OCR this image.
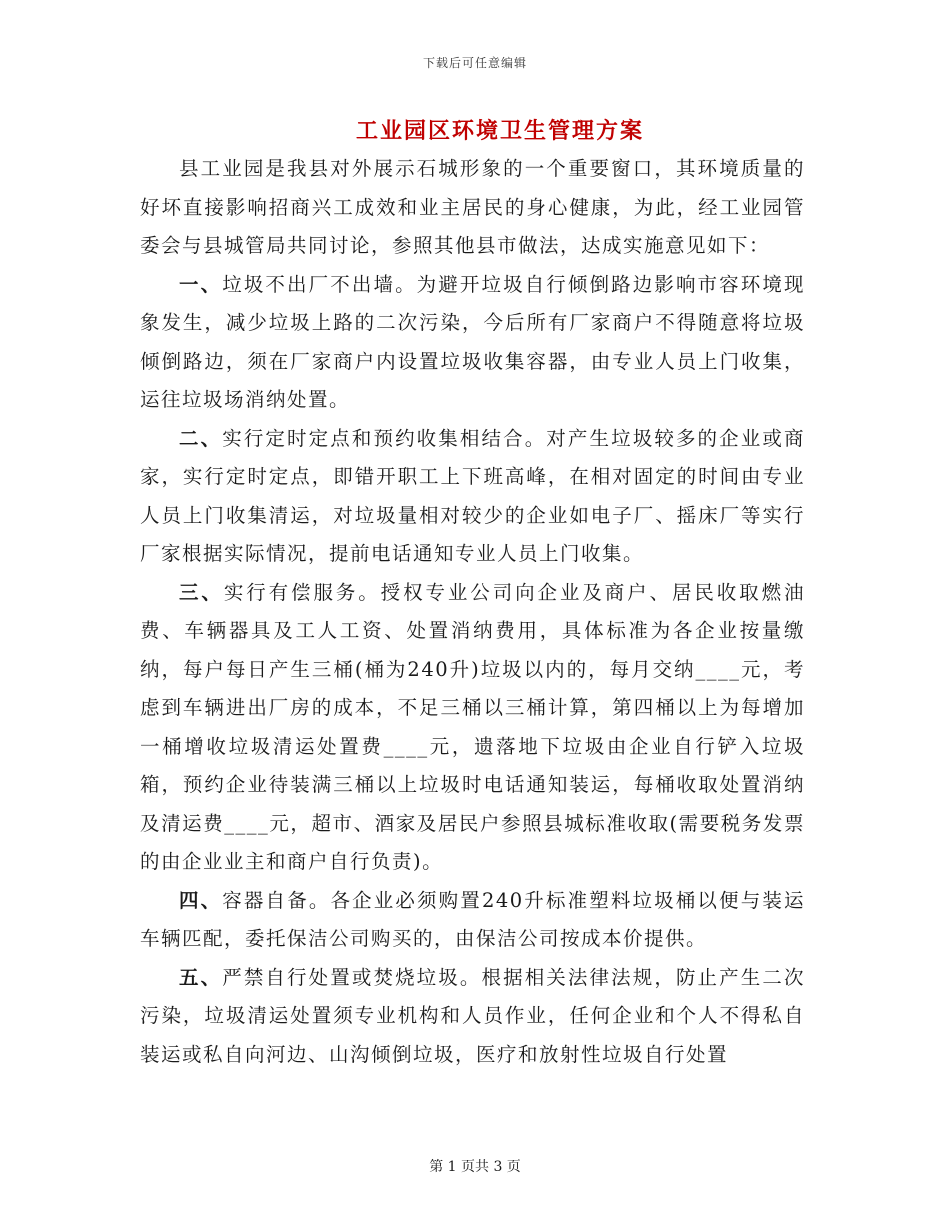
下载后可任意编辑
工业园区环境卫生管理方案

县工业园是我县对外展示石城形象的一个重要窗口，其环境质量的好坏直接影响招商兴工成效和业主居民的身心健康，为此，经工业园管委会与县城管局共同讨论，参照其他县市做法，达成实施意见如下：

一、垃圾不出厂不出墙。为避开垃圾自行倾倒路边影响市容环境现象发生，减少垃圾上路的二次污染，今后所有厂家商户不得随意将垃圾倾倒路边，须在厂家商户内设置垃圾收集容器，由专业人员上门收集，运往垃圾场消纳处置。

二、实行定时定点和预约收集相结合。对产生垃圾较多的企业或商家，实行定时定点，即错开职工上下班高峰，在相对固定的时间由专业人员上门收集清运，对垃圾量相对较少的企业如电子厂、摇床厂等实行厂家根据实际情况，提前电话通知专业人员上门收集。

三、实行有偿服务。授权专业公司向企业及商户、居民收取燃油费、车辆器具及工人工资、处置消纳费用，具体标准为各企业按量缴纳，每户每日产生三桶(桶为240升)垃圾以内的，每月交纳____元，考虑到车辆进出厂房的成本，不足三桶以三桶计算，第四桶以上为每增加一桶增收垃圾清运处置费____元，遗落地下垃圾由企业自行铲入垃圾箱，预约企业待装满三桶以上垃圾时电话通知装运，每桶收取处置消纳及清运费____元，超市、酒家及居民户参照县城标准收取(需要税务发票的由企业业主和商户自行负责)。

四、容器自备。各企业必须购置240升标准塑料垃圾桶以便与装运车辆匹配，委托保洁公司购买的，由保洁公司按成本价提供。

五、严禁自行处置或焚烧垃圾。根据相关法律法规，防止产生二次污染，垃圾清运处置须专业机构和人员作业，任何企业和个人不得私自装运或私自向河边、山沟倾倒垃圾，医疗和放射性垃圾自行处置

第 1 页共 3 页
